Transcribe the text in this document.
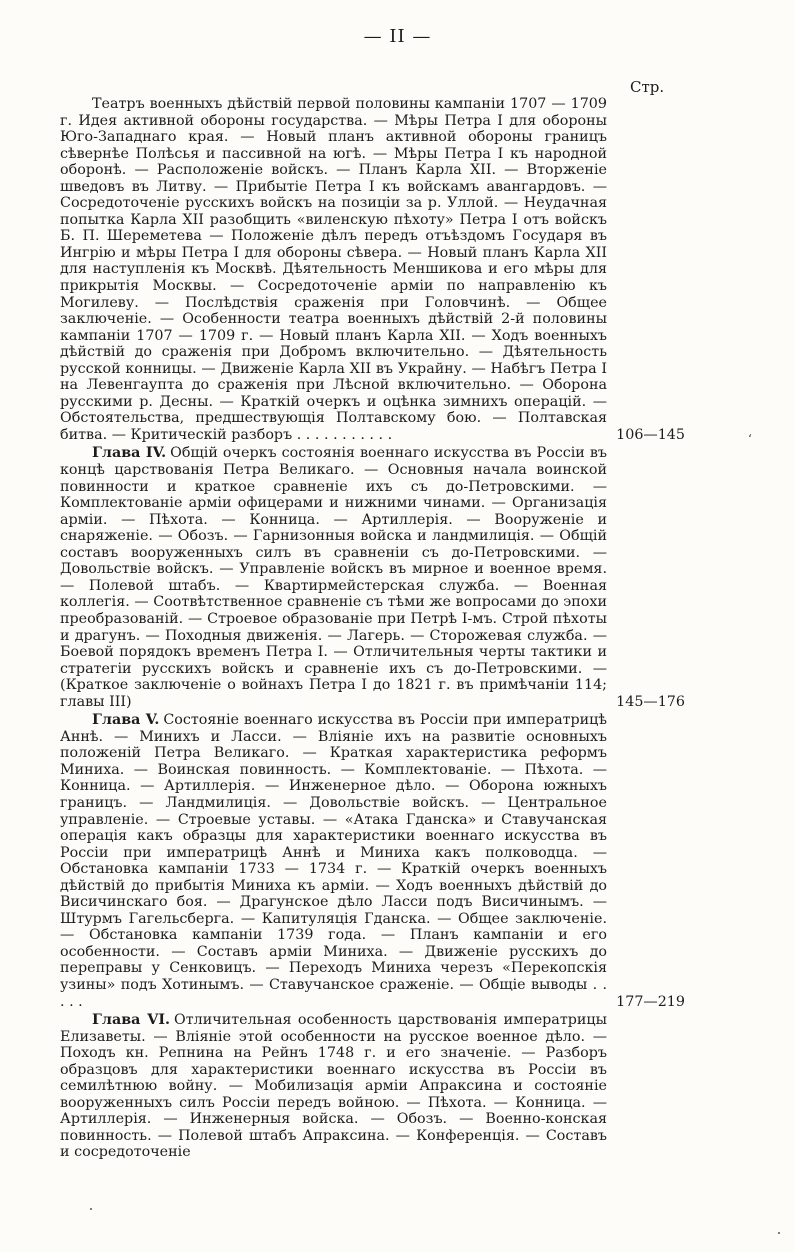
— II —
Стр.
‘
Театръ военныхъ дѣйствій первой половины кампаніи 1707 — 1709 г. Идея активной обороны государства. — Мѣры Петра I для обороны Юго-Западнаго края. — Новый планъ активной обороны границъ сѣвернѣе Полѣсья и пассивной на югѣ. — Мѣры Петра I къ народной оборонѣ. — Расположеніе войскъ. — Планъ Карла XII. — Вторженіе шведовъ въ Литву. — Прибытіе Петра I къ войскамъ авангардовъ. — Сосредоточеніе русскихъ войскъ на позиціи за р. Уллой. — Неудачная попытка Карла XII разобщить «виленскую пѣхоту» Петра I отъ войскъ Б. П. Шереметева — Положеніе дѣлъ передъ отъѣздомъ Государя въ Ингрію и мѣры Петра I для обороны сѣвера. — Новый планъ Карла XII для наступленія къ Москвѣ. Дѣятельность Меншикова и его мѣры для прикрытія Москвы. — Сосредоточеніе арміи по направленію къ Могилеву. — Послѣдствія сраженія при Головчинѣ. — Общее заключеніе. — Особенности театра военныхъ дѣйствій 2-й половины кампаніи 1707 — 1709 г. — Новый планъ Карла XII. — Ходъ военныхъ дѣйствій до сраженія при Добромъ включительно. — Дѣятельность русской конницы. — Движеніе Карла XII въ Украйну. — Набѣгъ Петра I на Левенгаупта до сраженія при Лѣсной включительно. — Оборона русскими р. Десны. — Краткій очеркъ и оцѣнка зимнихъ операцій. — Обстоятельства, предшествующія Полтавскому бою. — Полтавская битва. — Критическій разборъ . . . . . . . . . . .	106—145
Глава IV. Общій очеркъ состоянія военнаго искусства въ Россіи въ концѣ царствованія Петра Великаго. — Основныя начала воинской повинности и краткое сравненіе ихъ съ до-Петровскими. — Комплектованіе арміи офицерами и нижними чинами. — Организація арміи. — Пѣхота. — Конница. — Артиллерія. — Вооруженіе и снаряженіе. — Обозъ. — Гарнизонныя войска и ландмилиція. — Общій составъ вооруженныхъ силъ въ сравненіи съ до-Петровскими. — Довольствіе войскъ. — Управленіе войскъ въ мирное и военное время. — Полевой штабъ. — Квартирмейстерская служба. — Военная коллегія. — Соотвѣтственное сравненіе съ тѣми же вопросами до эпохи преобразованій. — Строевое образованіе при Петрѣ I-мъ. Строй пѣхоты и драгунъ. — Походныя движенія. — Лагерь. — Сторожевая служба. — Боевой порядокъ временъ Петра I. — Отличительныя черты тактики и стратегіи русскихъ войскъ и сравненіе ихъ съ до-Петровскими. — (Краткое заключеніе о войнахъ Петра I до 1821 г. въ примѣчаніи 114; главы III)	145—176
Глава V. Состояніе военнаго искусства въ Россіи при императрицѣ Аннѣ. — Минихъ и Ласси. — Вліяніе ихъ на развитіе основныхъ положеній Петра Великаго. — Краткая характеристика реформъ Миниха. — Воинская повинность. — Комплектованіе. — Пѣхота. — Конница. — Артиллерія. — Инженерное дѣло. — Оборона южныхъ границъ. — Ландмилиція. — Довольствіе войскъ. — Центральное управленіе. — Строевые уставы. — «Атака Гданска» и Ставучанская операція какъ образцы для характеристики военнаго искусства въ Россіи при императрицѣ Аннѣ и Миниха какъ полководца. — Обстановка кампаніи 1733 — 1734 г. — Краткій очеркъ военныхъ дѣйствій до прибытія Миниха къ арміи. — Ходъ военныхъ дѣйствій до Висичинскаго боя. — Драгунское дѣло Ласси подъ Висичинымъ. — Штурмъ Гагельсберга. — Капитуляція Гданска. — Общее заключеніе. — Обстановка кампаніи 1739 года. — Планъ кампаніи и его особенности. — Составъ арміи Миниха. — Движеніе русскихъ до переправы у Сенковицъ. — Переходъ Миниха черезъ «Перекопскія узины» подъ Хотинымъ. — Ставучанское сраженіе. — Общіе выводы . . . . .	177—219
Глава VI. Отличительная особенность царствованія императрицы Елизаветы. — Вліяніе этой особенности на русское военное дѣло. — Походъ кн. Репнина на Рейнъ 1748 г. и его значеніе. — Разборъ образцовъ для характеристики военнаго искусства въ Россіи въ семилѣтнюю войну. — Мобилизація арміи Апраксина и состояніе вооруженныхъ силъ Россіи передъ войною. — Пѣхота. — Конница. — Артиллерія. — Инженерныя войска. — Обозъ. — Военно-конская повинность. — Полевой штабъ Апраксина. — Конференція. — Составъ и сосредоточеніе
